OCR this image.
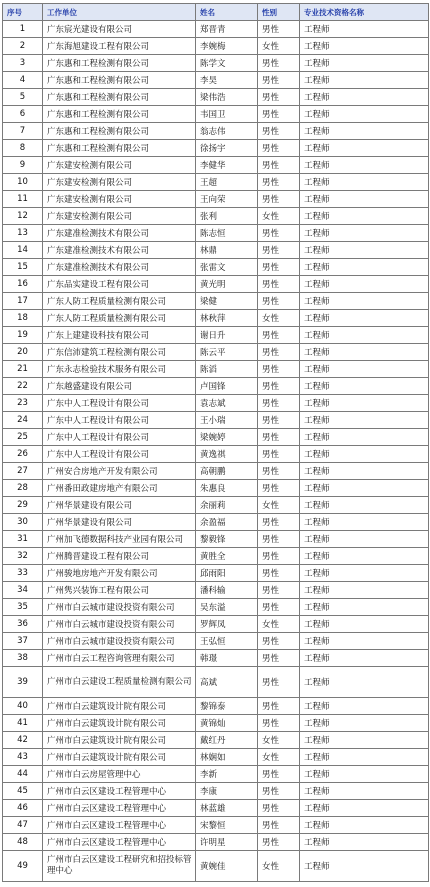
序号	工作单位	姓名	性别	专业技术资格名称
1	广东宸光建设有限公司	郑晋青	男性	工程师
2	广东海旭建设工程有限公司	李婉梅	女性	工程师
3	广东惠和工程检测有限公司	陈学文	男性	工程师
4	广东惠和工程检测有限公司	李昊	男性	工程师
5	广东惠和工程检测有限公司	梁伟浩	男性	工程师
6	广东惠和工程检测有限公司	韦国卫	男性	工程师
7	广东惠和工程检测有限公司	翁志伟	男性	工程师
8	广东惠和工程检测有限公司	徐扬宇	男性	工程师
9	广东建安检测有限公司	李健华	男性	工程师
10	广东建安检测有限公司	王超	男性	工程师
11	广东建安检测有限公司	王向荣	男性	工程师
12	广东建安检测有限公司	张利	女性	工程师
13	广东建准检测技术有限公司	陈志恒	男性	工程师
14	广东建准检测技术有限公司	林鼎	男性	工程师
15	广东建准检测技术有限公司	张雷文	男性	工程师
16	广东品实建设工程有限公司	黄光明	男性	工程师
17	广东人防工程质量检测有限公司	梁健	男性	工程师
18	广东人防工程质量检测有限公司	林秋萍	女性	工程师
19	广东上建建设科技有限公司	谢日升	男性	工程师
20	广东信沛建筑工程检测有限公司	陈云平	男性	工程师
21	广东永志检验技术服务有限公司	陈滔	男性	工程师
22	广东越盛建设有限公司	卢国锋	男性	工程师
23	广东中人工程设计有限公司	袁志斌	男性	工程师
24	广东中人工程设计有限公司	王小瑞	男性	工程师
25	广东中人工程设计有限公司	梁婉婷	男性	工程师
26	广东中人工程设计有限公司	黄逸祺	男性	工程师
27	广州安合房地产开发有限公司	高朝鹏	男性	工程师
28	广州番田政建房地产有限公司	朱惠良	男性	工程师
29	广州华景建设有限公司	余丽莉	女性	工程师
30	广州华景建设有限公司	余盈福	男性	工程师
31	广州加飞德数据科技产业园有限公司	黎毅锋	男性	工程师
32	广州腾晋建设工程有限公司	黄胜全	男性	工程师
33	广州骏地房地产开发有限公司	邱雨阳	男性	工程师
34	广州隽兴装饰工程有限公司	潘科输	男性	工程师
35	广州市白云城市建设投资有限公司	吴东溢	男性	工程师
36	广州市白云城市建设投资有限公司	罗辉凤	女性	工程师
37	广州市白云城市建设投资有限公司	王弘恒	男性	工程师
38	广州市白云工程咨询管理有限公司	韩璟	男性	工程师
39	广州市白云建设工程质量检测有限公司	高斌	男性	工程师
40	广州市白云建筑设计院有限公司	黎锦泰	男性	工程师
41	广州市白云建筑设计院有限公司	黄锦灿	男性	工程师
42	广州市白云建筑设计院有限公司	戴红丹	女性	工程师
43	广州市白云建筑设计院有限公司	林娴如	女性	工程师
44	广州市白云房屋管理中心	李新	男性	工程师
45	广州市白云区建设工程管理中心	李康	男性	工程师
46	广州市白云区建设工程管理中心	林蓝雄	男性	工程师
47	广州市白云区建设工程管理中心	宋黎恒	男性	工程师
48	广州市白云区建设工程管理中心	许明星	男性	工程师
49	广州市白云区建设工程研究和招投标管理中心	黄婉佳	女性	工程师
